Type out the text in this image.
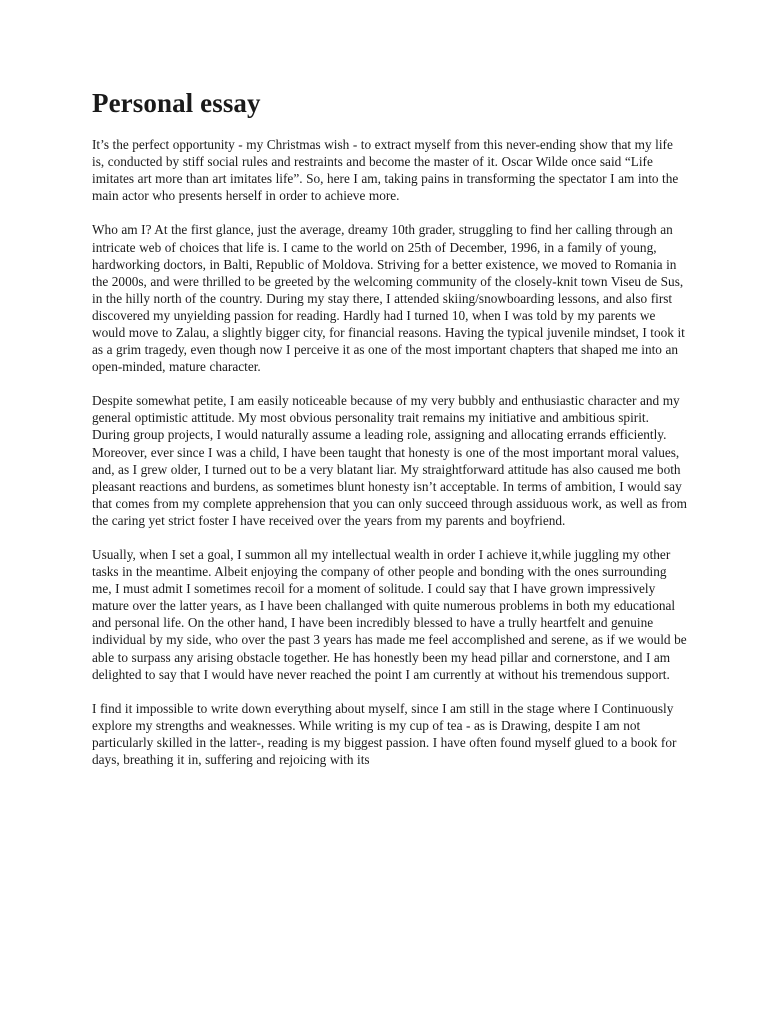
Personal essay

It’s the perfect opportunity - my Christmas wish - to extract myself from this never-ending show that my life is, conducted by stiff social rules and restraints and become the master of it. Oscar Wilde once said “Life imitates art more than art imitates life”. So, here I am, taking pains in transforming the spectator I am into the main actor who presents herself in order to achieve more.

Who am I? At the first glance, just the average, dreamy 10th grader, struggling to find her calling through an intricate web of choices that life is. I came to the world on 25th of December, 1996, in a family of young, hardworking doctors, in Balti, Republic of Moldova. Striving for a better existence, we moved to Romania in the 2000s, and were thrilled to be greeted by the welcoming community of the closely-knit town Viseu de Sus, in the hilly north of the country. During my stay there, I attended skiing/snowboarding lessons, and also first discovered my unyielding passion for reading. Hardly had I turned 10, when I was told by my parents we would move to Zalau, a slightly bigger city, for financial reasons. Having the typical juvenile mindset, I took it as a grim tragedy, even though now I perceive it as one of the most important chapters that shaped me into an open-minded, mature character.

Despite somewhat petite, I am easily noticeable because of my very bubbly and enthusiastic character and my general optimistic attitude. My most obvious personality trait remains my initiative and ambitious spirit. During group projects, I would naturally assume a leading role, assigning and allocating errands efficiently. Moreover, ever since I was a child, I have been taught that honesty is one of the most important moral values, and, as I grew older, I turned out to be a very blatant liar. My straightforward attitude has also caused me both pleasant reactions and burdens, as sometimes blunt honesty isn’t acceptable. In terms of ambition, I would say that comes from my complete apprehension that you can only succeed through assiduous work, as well as from the caring yet strict foster I have received over the years from my parents and boyfriend.

Usually, when I set a goal, I summon all my intellectual wealth in order I achieve it,while juggling my other tasks in the meantime. Albeit enjoying the company of other people and bonding with the ones surrounding me, I must admit I sometimes recoil for a moment of solitude. I could say that I have grown impressively mature over the latter years, as I have been challanged with quite numerous problems in both my educational and personal life. On the other hand, I have been incredibly blessed to have a trully heartfelt and genuine individual by my side, who over the past 3 years has made me feel accomplished and serene, as if we would be able to surpass any arising obstacle together. He has honestly been my head pillar and cornerstone, and I am delighted to say that I would have never reached the point I am currently at without his tremendous support.

I find it impossible to write down everything about myself, since I am still in the stage where I Continuously explore my strengths and weaknesses. While writing is my cup of tea - as is Drawing, despite I am not particularly skilled in the latter-, reading is my biggest passion. I have often found myself glued to a book for days, breathing it in, suffering and rejoicing with its
